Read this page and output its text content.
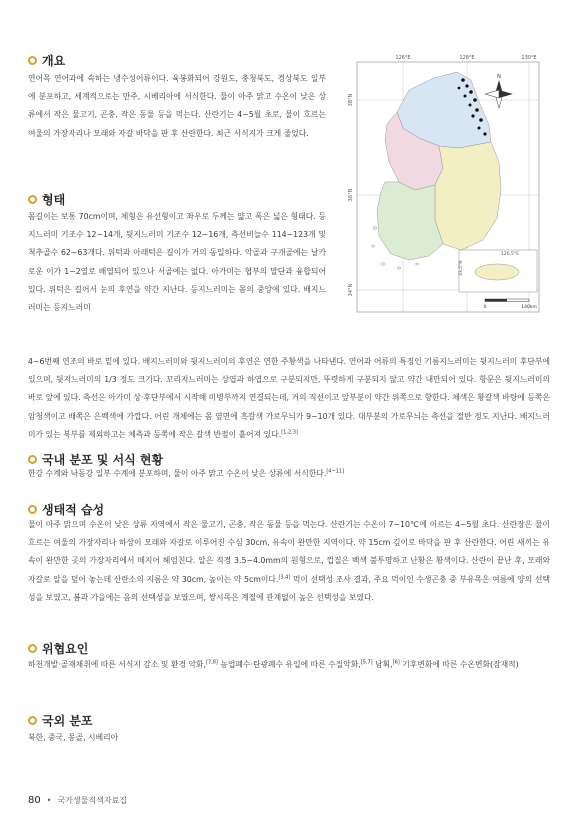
개요
연어목 연어과에 속하는 냉수성어류이다. 육봉화되어 강원도, 충청북도, 경상북도 일부에 분포하고, 세계적으로는 만주, 시베리아에 서식한다. 물이 아주 맑고 수온이 낮은 상류에서 작은 물고기, 곤충, 작은 동물 등을 먹는다. 산란기는 4~5월 초로, 물이 흐르는 여울의 가장자리나 모래와 자갈 바닥을 판 후 산란한다. 최근 서식지가 크게 줄었다.
형태
몸길이는 보통 70cm이며, 체형은 유선형이고 좌우로 두께는 얇고 폭은 넓은 형태다. 등지느러미 기조수 12~14개, 뒷지느러미 기조수 12~16개, 측선비늘수 114~123개 및 척추골수 62~63개다. 위턱과 아래턱은 길이가 거의 동일하다. 악골과 구개골에는 날카로운 이가 1~2열로 배열되어 있으나 서골에는 없다. 아가미는 협부의 말단과 융합되어 있다. 위턱은 길어서 눈의 후연을 약간 지난다. 등지느러미는 몸의 중앙에 있다. 배지느러미는 등지느러미
4~6번째 연조의 바로 밑에 있다. 배지느러미와 뒷지느러미의 후연은 연한 주황색을 나타낸다. 연어과 어류의 특징인 기름지느러미는 뒷지느러미 후단부에 있으며, 뒷지느러미의 1/3 정도 크기다. 꼬리지느러미는 상엽과 하엽으로 구분되지만, 뚜렷하게 구분되지 않고 약간 내만되어 있다. 항문은 뒷지느러미의 바로 앞에 있다. 측선은 아가미 상·후단부에서 시작해 미병부까지 연결되는데, 거의 직선이고 앞부분이 약간 위쪽으로 향한다. 체색은 황갈색 바탕에 등쪽은 암청색이고 배쪽은 은백색에 가깝다. 어린 개체에는 몸 옆면에 흑갈색 가로무늬가 9~10개 있다. 대부분의 가로무늬는 측선을 절반 정도 지난다. 배지느러미가 있는 복부를 제외하고는 체측과 등쪽에 작은 갈색 반점이 흩어져 있다.[1,2,3]
국내 분포 및 서식 현황
한강 수계와 낙동강 일부 수계에 분포하며, 물이 아주 맑고 수온이 낮은 상류에 서식한다.[4~11]
생태적 습성
물이 아주 맑으며 수온이 낮은 상류 지역에서 작은 물고기, 곤충, 작은 동물 등을 먹는다. 산란기는 수온이 7~10℃에 이르는 4~5월 초다. 산란장은 물이 흐르는 여울의 가장자리나 하상이 모래와 자갈로 이루어진 수심 30cm, 유속이 완만한 지역이다. 약 15cm 깊이로 바닥을 판 후 산란한다. 어린 새끼는 유속이 완만한 곳의 가장자리에서 떼지어 헤엄친다. 알은 직경 3.5~4.0mm의 원형으로, 껍질은 백색 불투명하고 난황은 황색이다. 산란이 끝난 후, 모래와 자갈로 알을 덮어 놓는데 산란소의 지름은 약 30cm, 높이는 약 5cm이다.[3,4] 먹이 선택성 조사 결과, 주요 먹이인 수생곤충 중 부유목은 여름에 양의 선택성을 보였고, 봄과 가을에는 음의 선택성을 보였으며, 쌍시목은 계절에 관계없이 높은 선택성을 보였다.
위협요인
하천개발·골재채취에 따른 서식지 감소 및 환경 악화,[7,8] 농업폐수·탄광폐수 유입에 따른 수질악화,[5,7] 남획,[6] 기후변화에 따른 수온변화(잠재적)
국외 분포
북한, 중국, 몽골, 시베리아
126°E	128°E	130°E
38°N
36°N
34°N
N
126.5°E
33.5°N
0	140km
80 • 국가생물적색자료집
